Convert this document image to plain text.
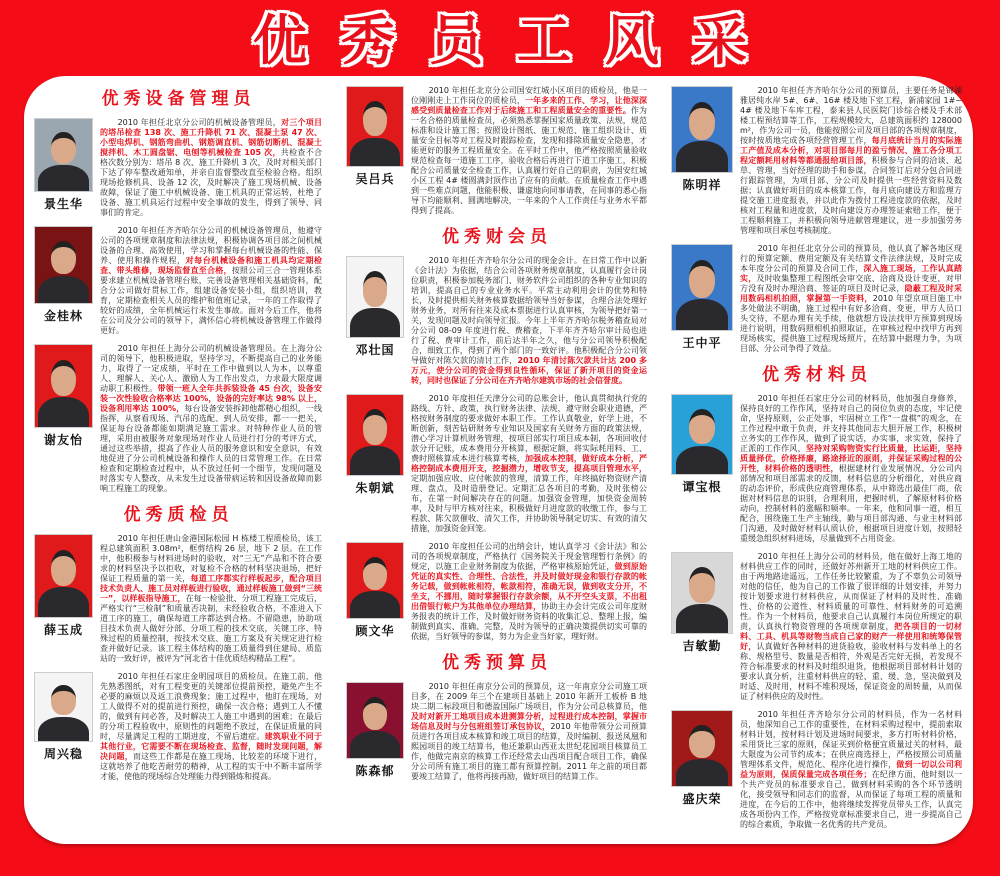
优秀员工风采
优秀设备管理员
景生华
2010 年担任北京分公司的机械设备管理员，对三个项目的塔吊检查 138 次、施工升降机 71 次、混凝土泵 47 次、小型电焊机、钢筋弯曲机、钢筋调直机、钢筋切断机、混凝土搅拌机、木工圆盘锯、电刨等机械检查 105 次，共检查不合格次数分别为：塔吊 8 次、施工升降机 3 次，及时对相关部门下达了停车整改通知单，并亲自监督整改直至检验合格。组织现场抢修机具、设备 12 次，及时解决了施工现场机械、设备故障，保证了施工中机械设备、施工机具的正常运转，杜绝了设备、施工机具运行过程中安全事故的发生，得到了领导、同事们的肯定。
金桂林
2010 年担任齐齐哈尔分公司的机械设备管理员，他遵守公司的各项规章制度和法律法规，积极协调各项目部之间机械设备的合理、高效使用，学习和掌握每台机械设备的性能、保养、使用和操作规程，对每台机械设备和施工机具均定期检查、带头维修，现场监督直至合格，按照公司三合一管理体系要求建立机械设备管理台账，完善设备管理相关基础资料，配合分公司做好贯标工作，组建设备安装小组，组织培训，教育，定期检查相关人员的维护和值班记录，一年的工作取得了较好的成绩，全年机械运行未发生事故。面对今后工作，他将在公司及分公司的领导下，满怀信心将机械设备管理工作做得更好。
谢友怡
2010 年担任上海分公司的机械设备管理员。在上海分公司的领导下，他积极进取，坚持学习，不断提高自己的业务能力，取得了一定成绩，平时在工作中做到以人为本，以尊重人、理解人、关心人、激励人为工作出发点，力求最大限度调动职工积极性。带领一班人全年共拆装设备 45 台次，设备安装一次性验收合格率达 100%，设备的完好率达 98% 以上，设备利用率达 100%，每台设备安装拆卸他都精心组织，一线指挥，从察看现场、汽吊的选配、到人员安排，都一一把关，保证每台设备都能如期满足施工需求。对特种作业人员的管理，采用由被服务对象现场对作业人员进行打分的考评方式，通过这些举措，提高了作业人员的服务意识和安全意识，有效地促进了分公司机械设备和操作人员的日常管理工作。在日常检查和定期检查过程中，从不放过任何一个细节，发现问题及时落实专人整改，从未发生过设备带病运转和因设备故障而影响工程施工的现象。
优秀质检员
薛玉成
2010 年担任唐山金港国际松园 H 栋楼工程质检员，该工程总建筑面积 3.08m²，框剪结构 26 层，地下 2 层。在工作中，他积极参与材料进场时的验收，对“三无”产品和不符合要求的材料坚决予以拒收，对复检不合格的材料坚决退场，把好保证工程质量的第一关，每道工序都实行样板起步，配合项目技术负责人、施工员对样板进行验收，通过样板施工做到“三统一”，以样板指导施工，在每一检验批、分项工程施工完成后，严格实行“三检制”和质量否决制，未经验收合格，不准进入下道工序的施工，确保每道工序都达到合格。不留隐患，协助项目技术负责人做好分部、分项工程的技术交底，关键工序、特殊过程的质量控制，按技术交底、施工方案及有关规定进行检查并做好记录。该工程主体结构的施工质量得到住建局、质监站的一致好评，被评为“河北省十佳优质结构精品工程”。
周兴稳
2010 年担任石家庄金明园项目的质检员。在施工前，他先熟悉图纸，对有工程变更的关键部位提前预控，避免产生不必要的麻烦以及返工浪费现象；施工过程中，他盯在现场，对工人做得不对的提前进行预控，确保一次合格；遇到工人不懂的，做到有问必答，及时解决工人施工中遇到的困难；在最后的分项工程验收中，原则性的问题绝不放过，在保证质量的同时，尽量满足工程的工期进度，不留后遗症。建筑职业不同于其他行业，它需要不断在现场检查、监督，随时发现问题，解决问题，而这些工作都是在施工现场、比较差的环境下进行，这就培养了他吃苦耐劳的精神，从工程的实干中不断丰富所学才能，使他的现场综合处理能力得到锻炼和提高。
吴吕兵
2010 年担任北京分公司国安红城小区项目的质检员，他是一位刚刚走上工作岗位的质检员，一年多来的工作、学习，让他深深感受到质量检查工作对于后续施工和工程质量安全的重要性。作为一名合格的质量检查员，必须熟悉掌握国家质量政策、法规，规范标准和设计施工图；按照设计图纸、施工规范、施工组织设计、质量安全目标等对工程及时跟踪检查，发现和排除质量安全隐患，才能更好的服务工程质量安全。在平时工作中，他严格按照质量验收规范检查每一道施工工序，验收合格后再进行下道工序施工，积极配合公司质量安全检查工作，认真履行好自己的职责，为国安红城小区工程 4# 楼圆满封顶作出了应有的贡献。在质量检查工作中遇到一些难点问题，他能积极、谦虚地向同事请教，在同事的悉心指导下均能顺利、圆满地解决，一年来的个人工作责任与业务水平都得到了提高。
优秀财会员
邓壮国
2010 年担任齐齐哈尔分公司的现金会计。在日常工作中以新《会计法》为依据，结合公司各项财务规章制度，认真履行会计岗位职责，积极参加税务部门、财务软件公司组织的各种专业知识的培训，提高自己的专业业务水平。平常主动利用会计的优势和特长，及时提供相关财务核算数据给领导当好参谋，合理合法处理好财务业务，对所有往来及成本票据进行认真审核，为领导把好第一关，发现问题及时向领导汇报。今年上半年齐齐哈尔税务稽查局对分公司 08-09 年度进行税、费稽查，下半年齐齐哈尔审计局也进行了税、费审计工作，前后达半年之久，他与分公司领导积极配合，细致工作，得到了两个部门的一致好评。他积极配合分公司领导做好对陈欠款的清讨工作，2010 年清讨陈欠款共计达 200 多万元，使分公司的资金得到良性循环，保证了新开项目的资金运转，同时也保证了分公司在齐齐哈尔建筑市场的社会信誉度。
朱朝斌
2010 年度担任天津分公司的总账会计，他认真贯彻执行党的路线、方针、政策，执行财务法律、法规，遵守财会职业道德，严格按财务制度的要求做好本职工作。工作认真敬业，好学上进，不断创新，刻苦钻研财务专业知识及国家有关财务方面的政策法规，潜心学习计算机财务管理，按项目部实行项目成本制，各项回收付款分开记账，成本费用分开核算，根据定额，将实际耗用料、工、费时照核算成本进行核算考核，加强成本控制，做好成本分析，严格控制成本费用开支，挖掘潜力，增收节支，提高项目管理水平，定期加强应收、应付帐款的管理，清算工作，年终搞好物资财产清理、盘点，及时造册登记。定期汇总各项目的考勤，及时张榜公布，在第一时间解决存在的问题。加强资金管理，加快资金周转率，及时与甲方核对往来，积极做好月进度款的收缴工作，参与工程款、陈欠款催收、清欠工作，并协助领导制定切实、有效的清欠措施，加强资金回笼。
顾文华
2010 年度担任公司的出纳会计，她认真学习《会计法》和公司的各项规章制度，严格执行《国务院关于现金管理暂行条例》的规定，以施工企业财务制度为依据，严格审核原始凭证，做到原始凭证的真实性、合理性、合法性，并及时做好现金和银行存款的帐务记载，做到帐帐相符，帐款相符，准确无误，做到收支分开，不坐支，不挪用，随时掌握银行存款余额，从不开空头支票，不出租出借银行帐户为其他单位办理结算，协助主办会计完成公司年度财务报表的统计工作，及时做好财务资料的收集汇总、整理上报，编制做到真实、准确、完整，及时为领导的正确决策提供切实可靠的依据，当好领导的参谋，努力为企业当好家，理好财。
优秀预算员
陈森郁
2010 年担任南京分公司的预算员，这一年南京分公司施工项目多，在 2009 年三个在建项目基础上 2010 年新开工板桥 B 地块二期二标段项目和德盈国际广场项目，作为分公司总核算员，他及时对新开工地项目成本进测算分析，过程进行成本控制，掌握市场信息及时与分包班组签订承包协议，2010 年他带领分公司预算员进行各项目成本核算和竣工项目的结算，及时编制、报送凤凰和熙园项目的竣工结算书，他还兼职山西亚太世纪花园项目核算员工作，他做完南京的核算工作还经常去山西项目配合项目工作，确保分公司所有施工项目的施工都有预算控制。2011 年之前的项目都要竣工结算了，他将再接再励，做好项目的结算工作。
陈明祥
2010 年担任齐齐哈尔分公司的预算员，主要任务是锦湖雅居纯水岸 5#、6#、16# 楼及地下室工程，新浦家园 1#~4# 楼及地下车库工程，泰来县人民医院门诊综合楼及手术部楼工程预结算等工作，工程规模较大，总建筑面积约 128000m²，作为公司一员，他能按照公司及项目部的各项规章制度，按时按质地完成各项经营管理工作，每月底统计当月的实际施工产值及成本分析，对项目部每月的盈亏情况、施工各分项工程定额耗用材料等都通报给项目部，积极参与合同的洽谈、起草、管理，当好经理的助手和参谋，合同签订后对分包合同进行跟踪管理，为项目部、分公司及时提供一些经营资料及数据；认真做好项目的成本核算工作，每月底向建设方和监理方提交施工进度报表，并以此作为拨付工程进度款的依据，及时核对工程量和进度款，及时向建设方办理签证索赔工作，便于工程顺利施工，并积极向领导进献管理建议，进一步加强劳务管理和项目承包考核制度。
王中平
2010 年担任北京分公司的预算员，他认真了解各地区现行的预算定额、费用定额及有关结算文件法律法规，及时完成本年度分公司的预算及合同工作，深入施工现场，工作认真踏实，及时收集整理工程图纸会审交底、洽商及设计变更，对甲方没有及时办理洽商、签证的项目及时记录，隐蔽工程及时采用数码相机拍照，掌握第一手资料，2010 年望京项目施工中多处做法不明确，施工过程中有好多洽商、变更，甲方人员口头交待，不愿办理有关手续，他就想方设法找甲方预算到现场进行说明，用数码照相机拍照取证，在审核过程中找甲方再到现场核实，提供施工过程现场照片，在结算中据理力争，为项目部、分公司争得了效益。
优秀材料员
谭宝根
2010 年担任石家庄分公司的材料员，他加强自身修养，保持良好的工作作风，坚持对自己的岗位负责的态度，牢记使命，坚持原则，公正处事，牢固树立工作“一盘棋”的观念，在工作过程中敢于负责，并支持其他同志大胆开展工作，积极树立务实的工作作风，做到了说实话，办实事，求实效，保持了正派的工作作风，坚持对采购物资实行比质量，比运距，坚持质量择优，价格择廉，路途择近的原则，并保证采购过程的公开性，材料价格的透明性，根据建材行业发展情况、分公司内部情况和项目部需求的反馈，材料信息的分析细化，对供应商的动态评价，形成供应商管理体系，从中筛选出最佳厂商，依据对材料信息的识别，合理利用，把握时机，了解原材料价格动向，控制材料的涨幅和频率。一年来，他和同事一道，相互配合，围绕施工生产主轴线，勤与项目部沟通、与业主材料部门沟通，及时做好材料认质认价，根据项目进度计划，按照轻重缓急组织材料进场，尽量做到不占用资金。
吉敏勤
2010 年担任上海分公司的材料员，他在做好上海工地的材料供应工作的同时，还做好苏州新开工地的材料供应工作。由于两地路途遥远，工作任务比较繁重，为了不辜负公司领导对他的信任，他为自己的工作做了很详细的计划安排，并努力按计划要求进行材料供应，从而保证了材料的及时性、准确性、价格的公道性、材料质量的可靠性、材料财务的可追溯性。作为一个材料员，他要求自己认真履行本岗位所规定的职责，认真执行物资管理的各项规章制度，把各项目的一切材料、工具、机具等财物当成自己家的财产一样使用和统筹保管好，认真做好各种材料的进货验收，验收材料与发料单上的名称、规格型号、数量是否相符，外观是否完好无损，若发现不符合标准要求的材料及时组织退货，他根据项目部材料计划的要求认真分析，注重材料供应的轻、重、缓、急，坚决做到及时适、及时用，材料不堆积现场，保证资金的周转量，从而保证了材料供应的及时性。
盛庆荣
2010 年担任齐齐哈尔分公司的材料员，作为一名材料员，他深知自己工作的重要性，在材料采购过程中，提前索取材料计划，按材料计划及进场时间要求，多方打听材料价格，采用货比三家的原则，保证买到价格便宜质量过关的材料，最大限度为公司节约成本；在供应商选择上，严格按照公司质量管理体系文件，规范化、程序化进行操作，做到一切以公司利益为原则，保质保量完成各项任务；在纪律方面，他时刻以一个共产党员的标准要求自己，做到材料采购的各个环节透明化，接受领导和同志们的监督，从而保证了每项工程的质量和进度，在今后的工作中，他将继续发挥党员带头工作，认真完成各项份内工作，严格按党章标准要求自己，进一步提高自己的综合素质，争取做一名优秀的共产党员。
